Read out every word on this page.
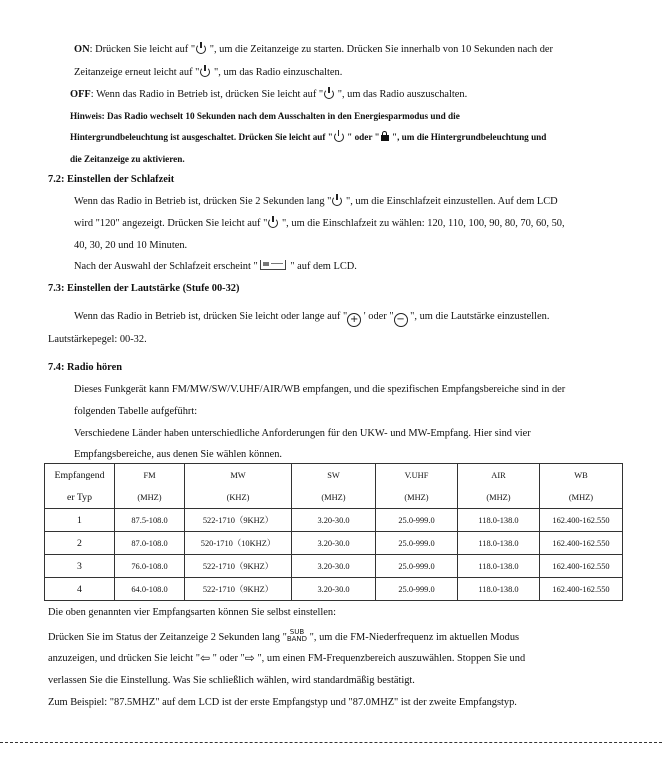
ON: Drücken Sie leicht auf " ", um die Zeitanzeige zu starten. Drücken Sie innerhalb von 10 Sekunden nach der
Zeitanzeige erneut leicht auf " ", um das Radio einzuschalten.
OFF: Wenn das Radio in Betrieb ist, drücken Sie leicht auf " ", um das Radio auszuschalten.
Hinweis: Das Radio wechselt 10 Sekunden nach dem Ausschalten in den Energiesparmodus und die
Hintergrundbeleuchtung ist ausgeschaltet. Drücken Sie leicht auf " " oder " ", um die Hintergrundbeleuchtung und
die Zeitanzeige zu aktivieren.
7.2: Einstellen der Schlafzeit
Wenn das Radio in Betrieb ist, drücken Sie 2 Sekunden lang " ", um die Einschlafzeit einzustellen. Auf dem LCD
wird "120" angezeigt. Drücken Sie leicht auf " ", um die Einschlafzeit zu wählen: 120, 110, 100, 90, 80, 70, 60, 50,
40, 30, 20 und 10 Minuten.
Nach der Auswahl der Schlafzeit erscheint "	" auf dem LCD.
7.3: Einstellen der Lautstärke (Stufe 00-32)
Wenn das Radio in Betrieb ist, drücken Sie leicht oder lange auf " + ' oder " − ", um die Lautstärke einzustellen.
Lautstärkepegel: 00-32.
7.4: Radio hören
Dieses Funkgerät kann FM/MW/SW/V.UHF/AIR/WB empfangen, und die spezifischen Empfangsbereiche sind in der
folgenden Tabelle aufgeführt:
Verschiedene Länder haben unterschiedliche Anforderungen für den UKW- und MW-Empfang. Hier sind vier
Empfangsbereiche, aus denen Sie wählen können.
Empfangend	FM	MW	SW	V.UHF	AIR	WB
er Typ	(MHZ)	(KHZ)	(MHZ)	(MHZ)	(MHZ)	(MHZ)
1	87.5-108.0	522-1710（9KHZ）	3.20-30.0	25.0-999.0	118.0-138.0	162.400-162.550
2	87.0-108.0	520-1710（10KHZ）	3.20-30.0	25.0-999.0	118.0-138.0	162.400-162.550
3	76.0-108.0	522-1710（9KHZ）	3.20-30.0	25.0-999.0	118.0-138.0	162.400-162.550
4	64.0-108.0	522-1710（9KHZ）	3.20-30.0	25.0-999.0	118.0-138.0	162.400-162.550
Die oben genannten vier Empfangsarten können Sie selbst einstellen:
Drücken Sie im Status der Zeitanzeige 2 Sekunden lang " SUB
BAND ", um die FM-Niederfrequenz im aktuellen Modus
anzuzeigen, und drücken Sie leicht "⇦ " oder "⇨ ", um einen FM-Frequenzbereich auszuwählen. Stoppen Sie und
verlassen Sie die Einstellung. Was Sie schließlich wählen, wird standardmäßig bestätigt.
Zum Beispiel: "87.5MHZ" auf dem LCD ist der erste Empfangstyp und "87.0MHZ" ist der zweite Empfangstyp.
